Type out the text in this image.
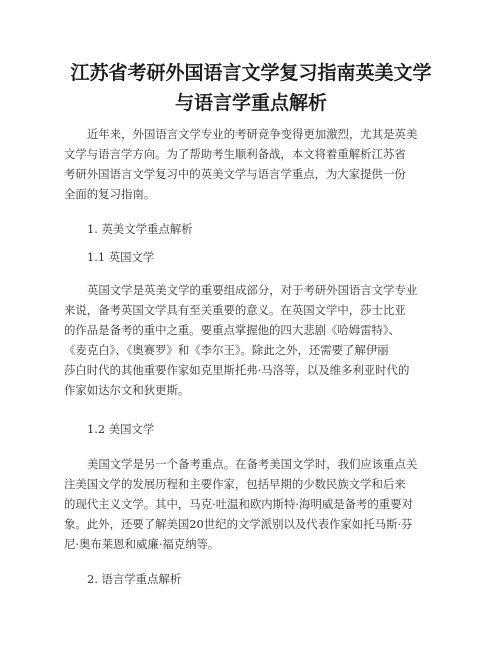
江苏省考研外国语言文学复习指南英美文学
与语言学重点解析
近年来，外国语言文学专业的考研竞争变得更加激烈，尤其是英美
文学与语言学方向。为了帮助考生顺利备战，本文将着重解析江苏省
考研外国语言文学复习中的英美文学与语言学重点，为大家提供一份
全面的复习指南。
1. 英美文学重点解析
1.1 英国文学
英国文学是英美文学的重要组成部分，对于考研外国语言文学专业
来说，备考英国文学具有至关重要的意义。在英国文学中，莎士比亚
的作品是备考的重中之重。要重点掌握他的四大悲剧《哈姆雷特》、
《麦克白》、《奥赛罗》和《李尔王》。除此之外，还需要了解伊丽
莎白时代的其他重要作家如克里斯托弗·马洛等，以及维多利亚时代的
作家如达尔文和狄更斯。
1.2 美国文学
美国文学是另一个备考重点。在备考美国文学时，我们应该重点关
注美国文学的发展历程和主要作家，包括早期的少数民族文学和后来
的现代主义文学。其中，马克·吐温和欧内斯特·海明威是备考的重要对
象。此外，还要了解美国20世纪的文学派别以及代表作家如托马斯·芬
尼·奥布莱恩和威廉·福克纳等。
2. 语言学重点解析
